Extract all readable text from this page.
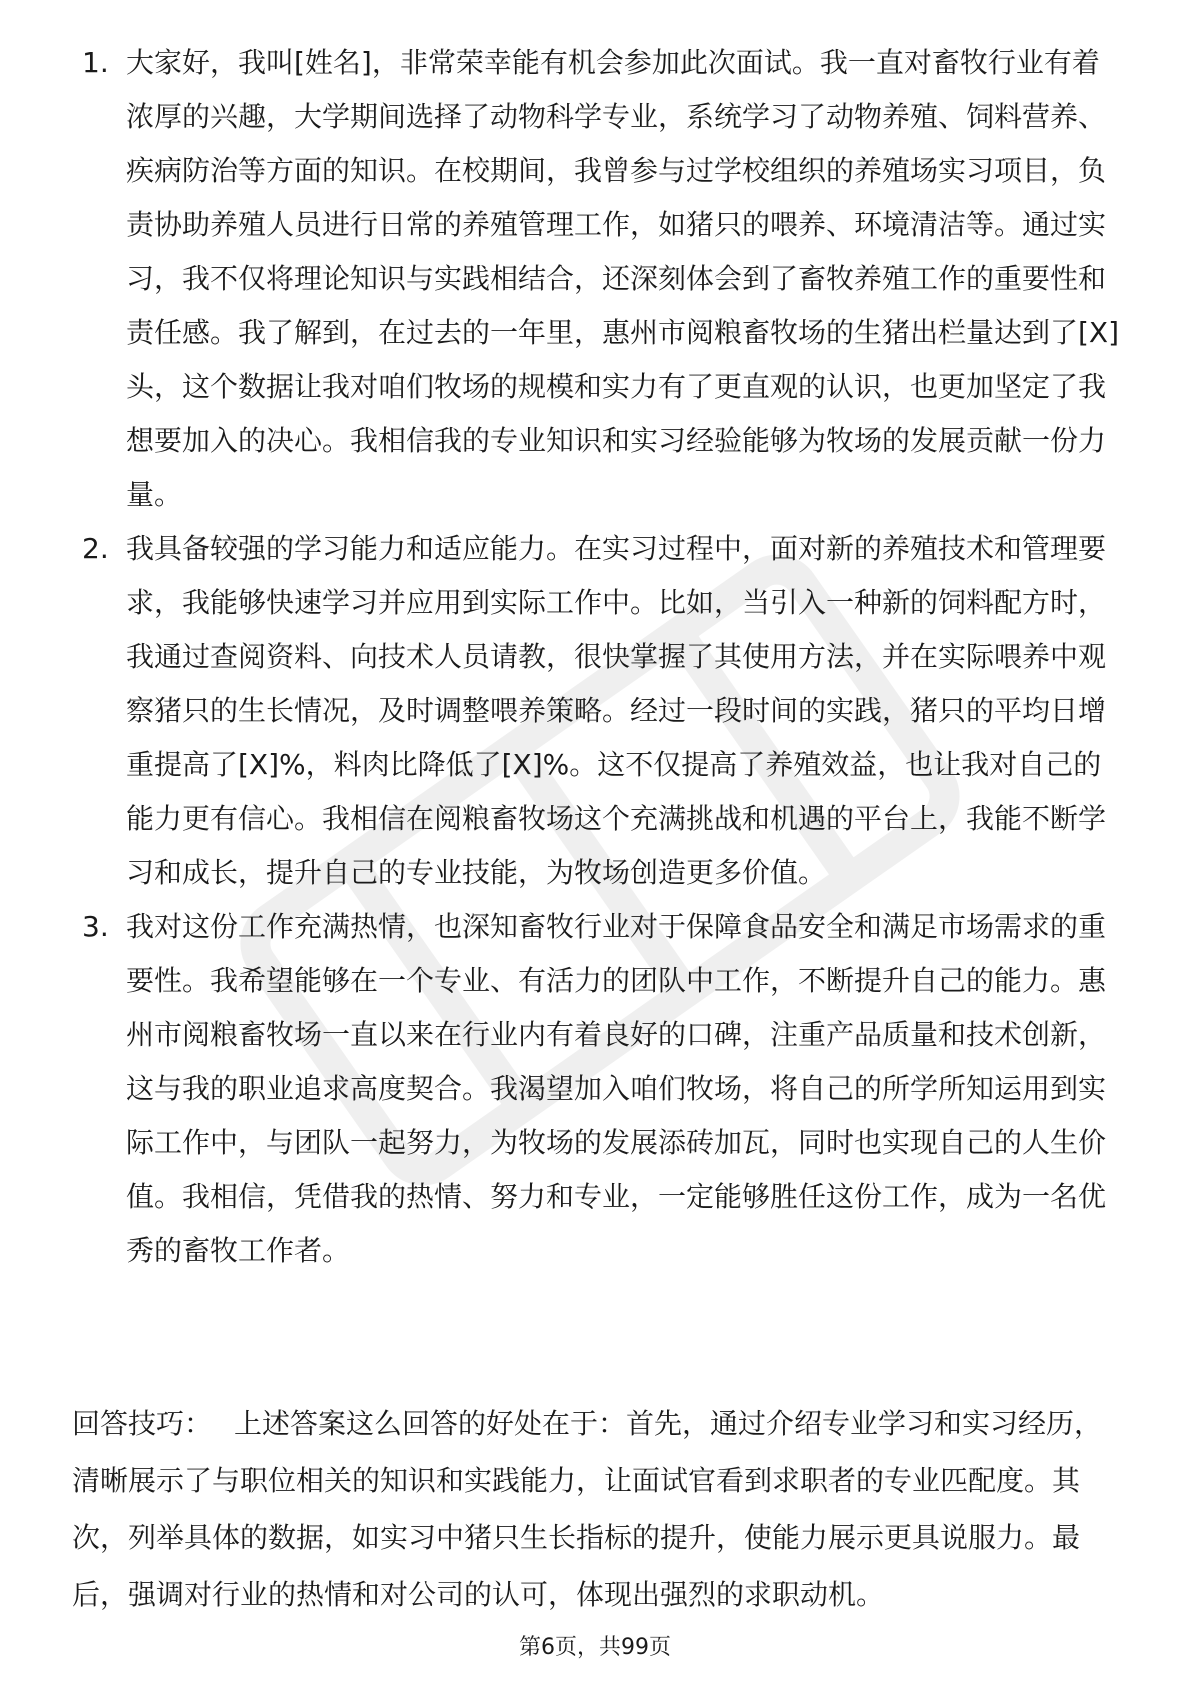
1. 大家好，我叫[姓名]，非常荣幸能有机会参加此次面试。我一直对畜牧行业有着浓厚的兴趣，大学期间选择了动物科学专业，系统学习了动物养殖、饲料营养、疾病防治等方面的知识。在校期间，我曾参与过学校组织的养殖场实习项目，负责协助养殖人员进行日常的养殖管理工作，如猪只的喂养、环境清洁等。通过实习，我不仅将理论知识与实践相结合，还深刻体会到了畜牧养殖工作的重要性和责任感。我了解到，在过去的一年里，惠州市阅粮畜牧场的生猪出栏量达到了[X]头，这个数据让我对咱们牧场的规模和实力有了更直观的认识，也更加坚定了我想要加入的决心。我相信我的专业知识和实习经验能够为牧场的发展贡献一份力量。
2. 我具备较强的学习能力和适应能力。在实习过程中，面对新的养殖技术和管理要求，我能够快速学习并应用到实际工作中。比如，当引入一种新的饲料配方时，我通过查阅资料、向技术人员请教，很快掌握了其使用方法，并在实际喂养中观察猪只的生长情况，及时调整喂养策略。经过一段时间的实践，猪只的平均日增重提高了[X]%，料肉比降低了[X]%。这不仅提高了养殖效益，也让我对自己的能力更有信心。我相信在阅粮畜牧场这个充满挑战和机遇的平台上，我能不断学习和成长，提升自己的专业技能，为牧场创造更多价值。
3. 我对这份工作充满热情，也深知畜牧行业对于保障食品安全和满足市场需求的重要性。我希望能够在一个专业、有活力的团队中工作，不断提升自己的能力。惠州市阅粮畜牧场一直以来在行业内有着良好的口碑，注重产品质量和技术创新，这与我的职业追求高度契合。我渴望加入咱们牧场，将自己的所学所知运用到实际工作中，与团队一起努力，为牧场的发展添砖加瓦，同时也实现自己的人生价值。我相信，凭借我的热情、努力和专业，一定能够胜任这份工作，成为一名优秀的畜牧工作者。

回答技巧： 上述答案这么回答的好处在于：首先，通过介绍专业学习和实习经历，清晰展示了与职位相关的知识和实践能力，让面试官看到求职者的专业匹配度。其次，列举具体的数据，如实习中猪只生长指标的提升，使能力展示更具说服力。最后，强调对行业的热情和对公司的认可，体现出强烈的求职动机。

第6页，共99页
